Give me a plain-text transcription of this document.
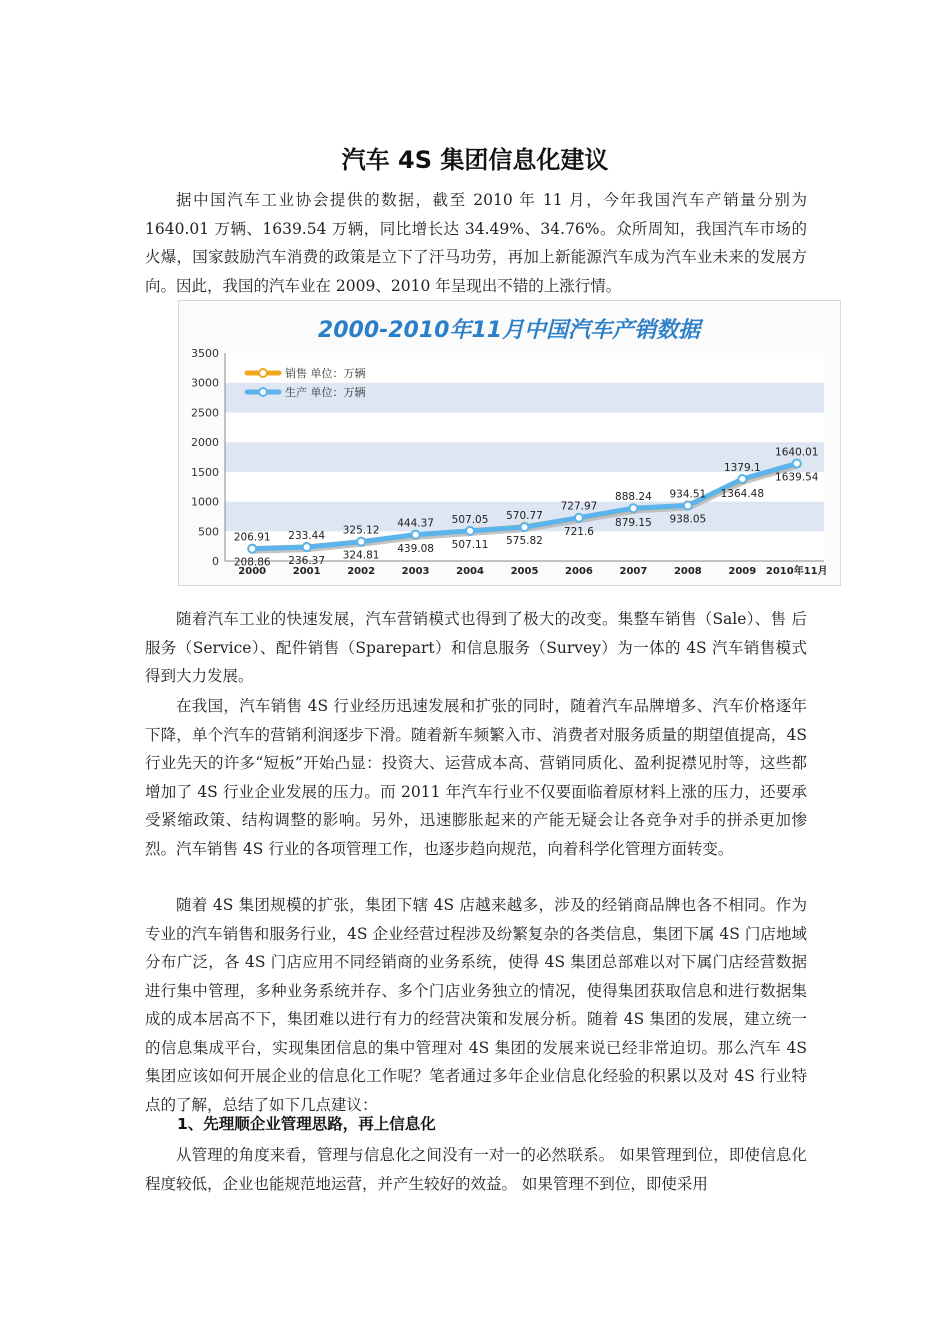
汽车 4S 集团信息化建议

据中国汽车工业协会提供的数据，截至 2010 年 11 月，今年我国汽车产销量分别为 1640.01 万辆、1639.54 万辆，同比增长达 34.49%、34.76%。众所周知，我国汽车市场的火爆，国家鼓励汽车消费的政策是立下了汗马功劳，再加上新能源汽车成为汽车业未来的发展方向。因此，我国的汽车业在 2009、2010 年呈现出不错的上涨行情。

2000-2010年11月中国汽车产销数据
0
500
1000
1500
2000
2500
3000
3500
2000	2001	2002	2003	2004	2005	2006	2007	2008	2009 2010年11月
208.86 236.37 324.81
439.08 507.11 575.82
721.6
879.15 938.05
1364.48
1639.54
206.91 233.44 325.12
444.37 507.05 570.77
727.97
888.24 934.51
1379.1
1640.01
销售 单位：万辆
生产 单位：万辆

随着汽车工业的快速发展，汽车营销模式也得到了极大的改变。集整车销售（Sale）、售 后服务（Service）、配件销售（Sparepart）和信息服务（Survey）为一体的 4S 汽车销售模式得到大力发展。

在我国，汽车销售 4S 行业经历迅速发展和扩张的同时，随着汽车品牌增多、汽车价格逐年下降，单个汽车的营销利润逐步下滑。随着新车频繁入市、消费者对服务质量的期望值提高，4S 行业先天的许多“短板”开始凸显：投资大、运营成本高、营销同质化、盈利捉襟见肘等，这些都增加了 4S 行业企业发展的压力。而 2011 年汽车行业不仅要面临着原材料上涨的压力，还要承受紧缩政策、结构调整的影响。另外，迅速膨胀起来的产能无疑会让各竞争对手的拼杀更加惨烈。汽车销售 4S 行业的各项管理工作，也逐步趋向规范，向着科学化管理方面转变。

随着 4S 集团规模的扩张，集团下辖 4S 店越来越多，涉及的经销商品牌也各不相同。作为专业的汽车销售和服务行业，4S 企业经营过程涉及纷繁复杂的各类信息，集团下属 4S 门店地域分布广泛，各 4S 门店应用不同经销商的业务系统，使得 4S 集团总部难以对下属门店经营数据进行集中管理，多种业务系统并存、多个门店业务独立的情况，使得集团获取信息和进行数据集成的成本居高不下，集团难以进行有力的经营决策和发展分析。随着 4S 集团的发展，建立统一的信息集成平台，实现集团信息的集中管理对 4S 集团的发展来说已经非常迫切。那么汽车 4S 集团应该如何开展企业的信息化工作呢？笔者通过多年企业信息化经验的积累以及对 4S 行业特点的了解，总结了如下几点建议：

1、先理顺企业管理思路，再上信息化

从管理的角度来看，管理与信息化之间没有一对一的必然联系。 如果管理到位，即使信息化程度较低，企业也能规范地运营，并产生较好的效益。 如果管理不到位，即使采用
